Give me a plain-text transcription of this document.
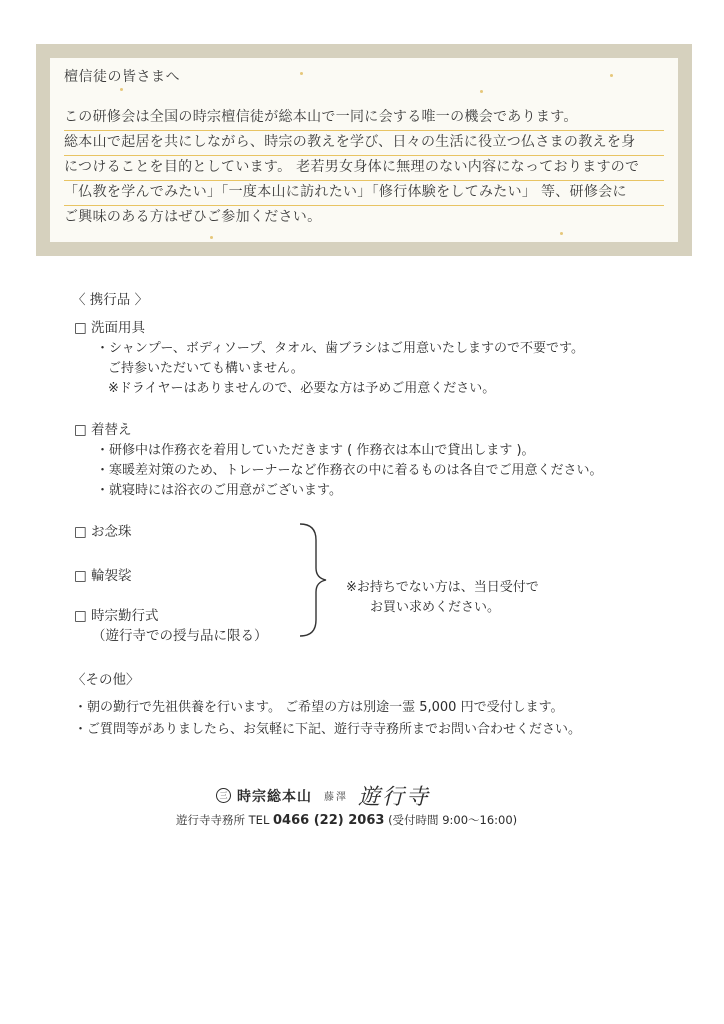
檀信徒の皆さまへ
この研修会は全国の時宗檀信徒が総本山で一同に会する唯一の機会であります。
総本山で起居を共にしながら、時宗の教えを学び、日々の生活に役立つ仏さまの教えを身
につけることを目的としています。 老若男女身体に無理のない内容になっておりますので
「仏教を学んでみたい」「一度本山に訪れたい」「修行体験をしてみたい」 等、研修会に
ご興味のある方はぜひご参加ください。
〈 携行品 〉
□ 洗面用具
・シャンプー、ボディソープ、タオル、歯ブラシはご用意いたしますので不要です。
ご持参いただいても構いません。
※ドライヤーはありませんので、必要な方は予めご用意ください。
□ 着替え
・研修中は作務衣を着用していただきます ( 作務衣は本山で貸出します )。
・寒暖差対策のため、トレーナーなど作務衣の中に着るものは各自でご用意ください。
・就寝時には浴衣のご用意がございます。
□ お念珠
□ 輪袈裟
□ 時宗勤行式
（遊行寺での授与品に限る）
※お持ちでない方は、当日受付で
お買い求めください。
〈その他〉
・朝の勤行で先祖供養を行います。 ご希望の方は別途一霊 5,000 円で受付します。
・ご質問等がありましたら、お気軽に下記、遊行寺寺務所までお問い合わせください。
三 時宗総本山 藤澤 遊行寺
遊行寺寺務所 TEL 0466 (22) 2063 (受付時間 9:00～16:00)
